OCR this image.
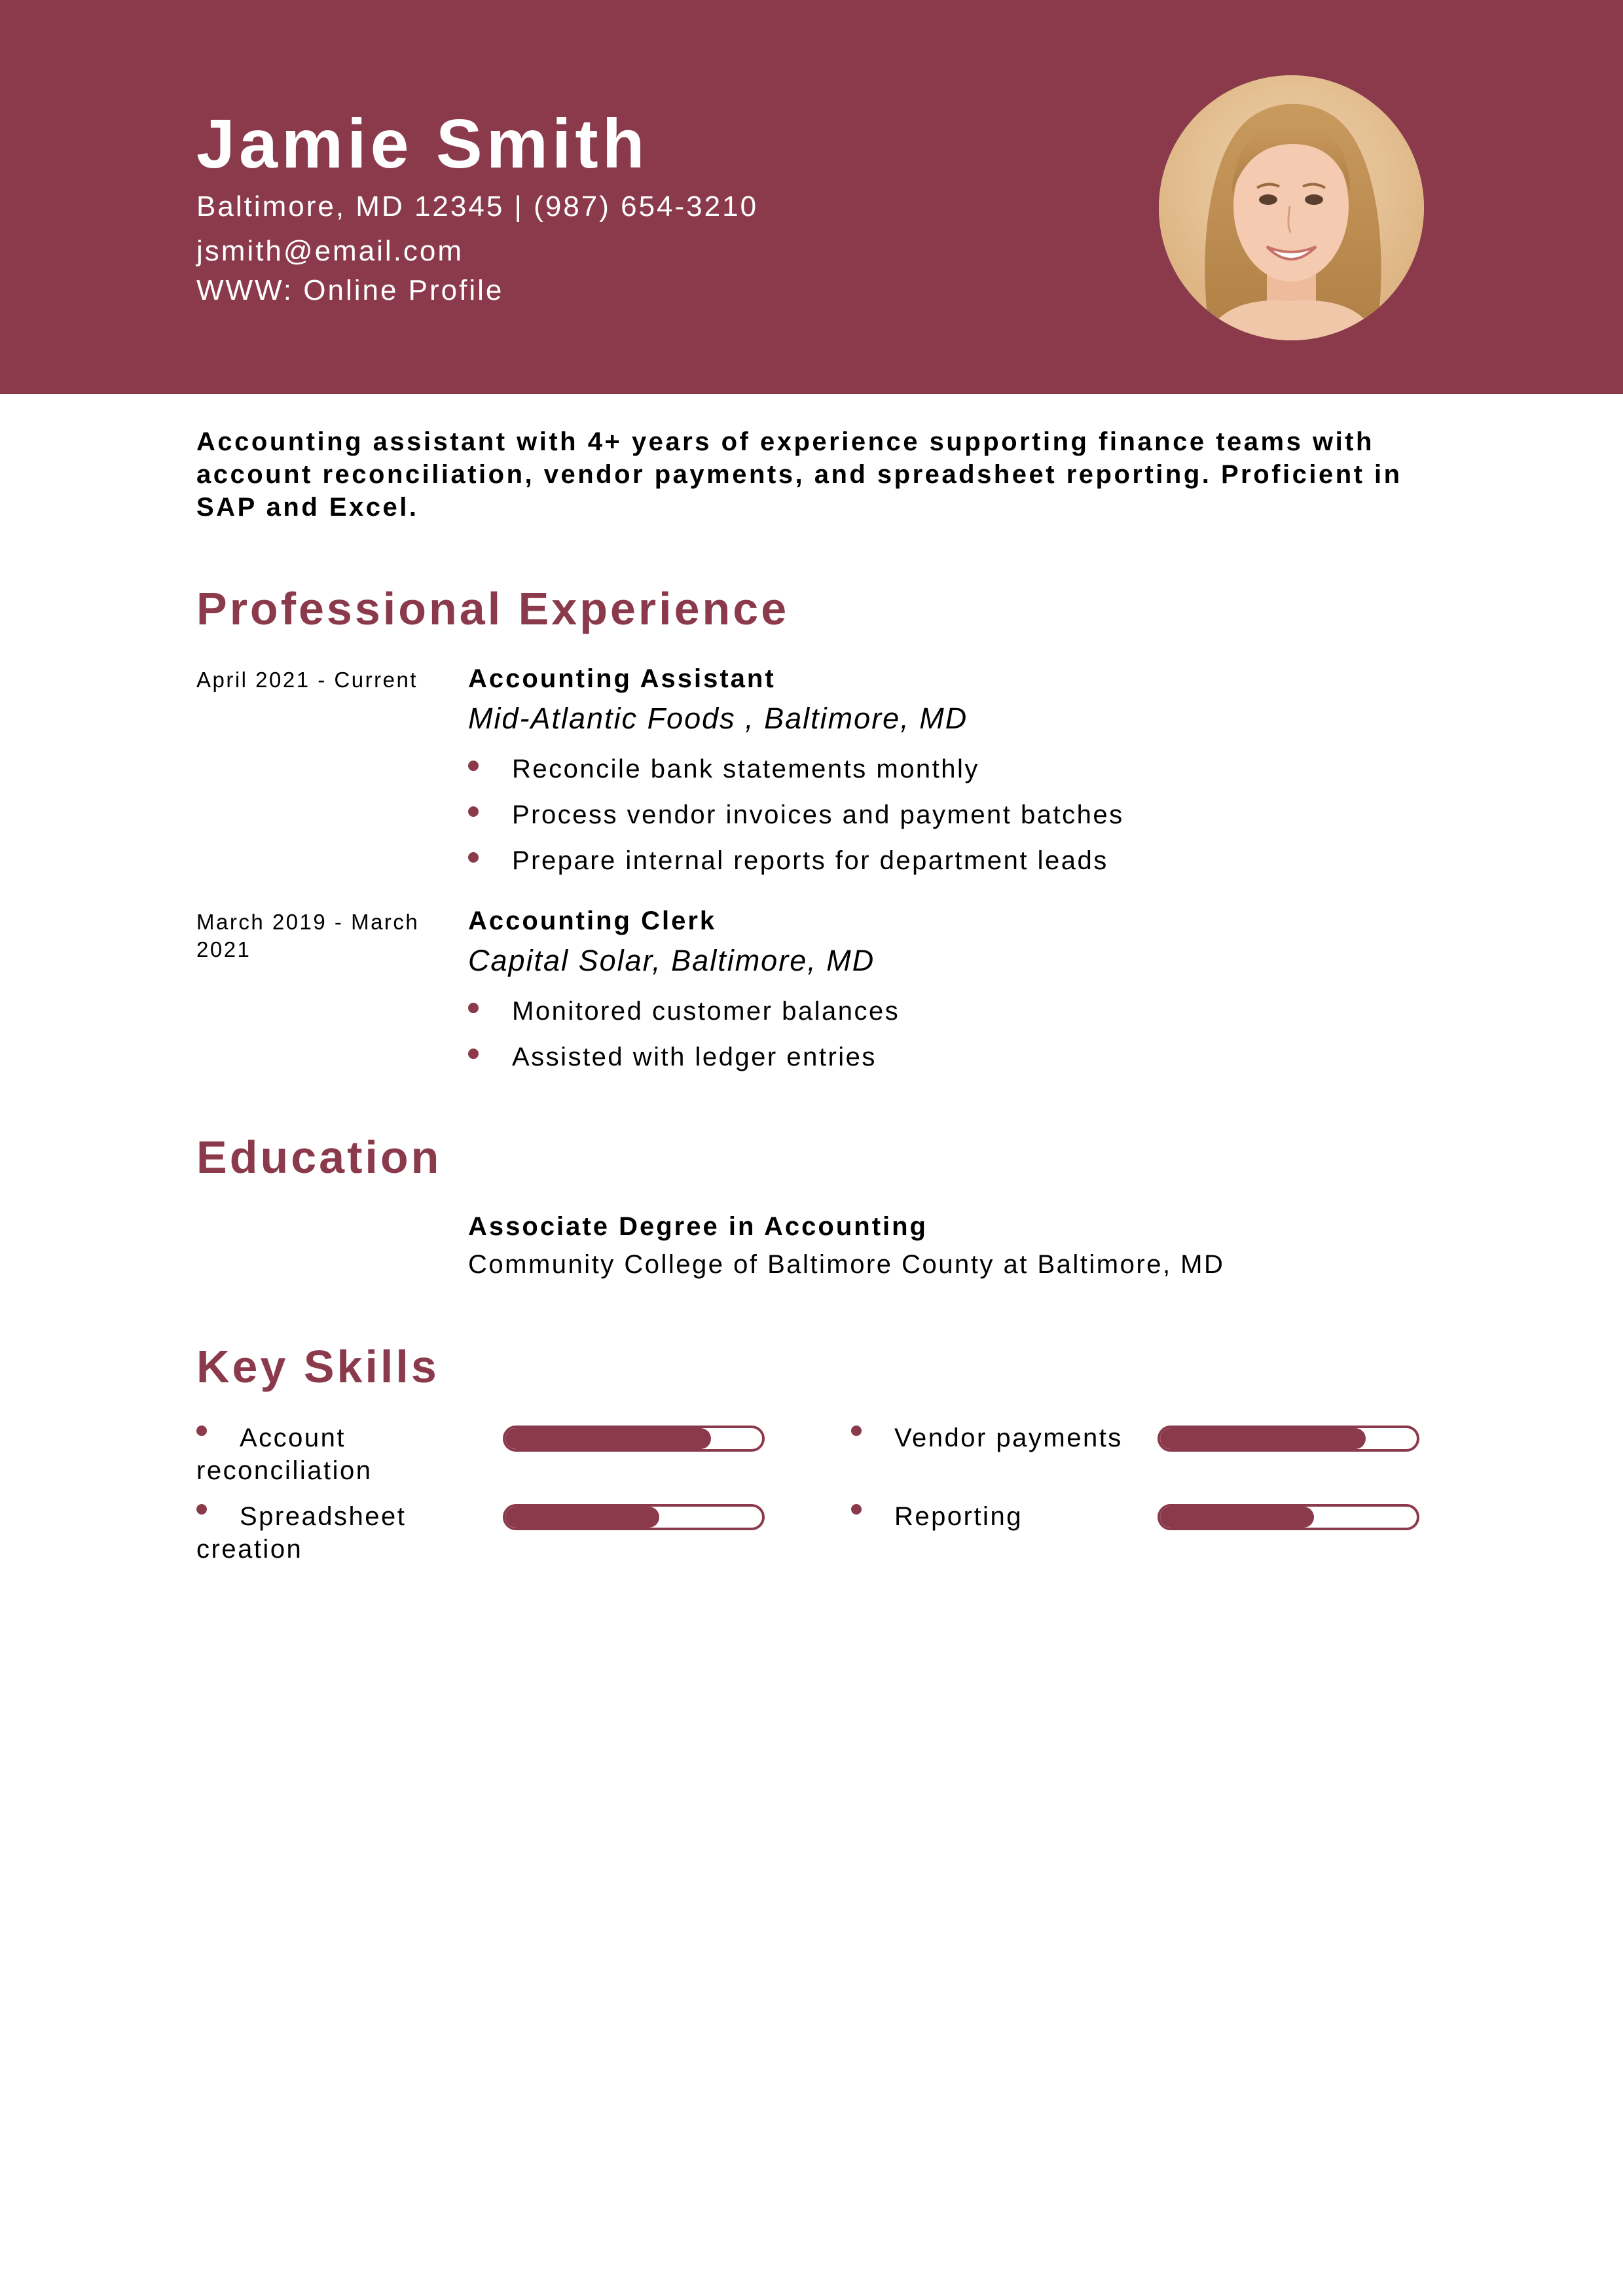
Jamie Smith
Baltimore, MD 12345 | (987) 654-3210
jsmith@email.com
WWW: Online Profile
Accounting assistant with 4+ years of experience supporting finance teams with account reconciliation, vendor payments, and spreadsheet reporting. Proficient in SAP and Excel.
Professional Experience
April 2021 - Current	Accounting Assistant
Mid-Atlantic Foods , Baltimore, MD
Reconcile bank statements monthly
Process vendor invoices and payment batches
Prepare internal reports for department leads
March 2019 - March 2021
Accounting Clerk
Capital Solar, Baltimore, MD
Monitored customer balances
Assisted with ledger entries
Education
Associate Degree in Accounting
Community College of Baltimore County at Baltimore, MD
Key Skills
Account reconciliation
Vendor payments
Spreadsheet creation
Reporting
